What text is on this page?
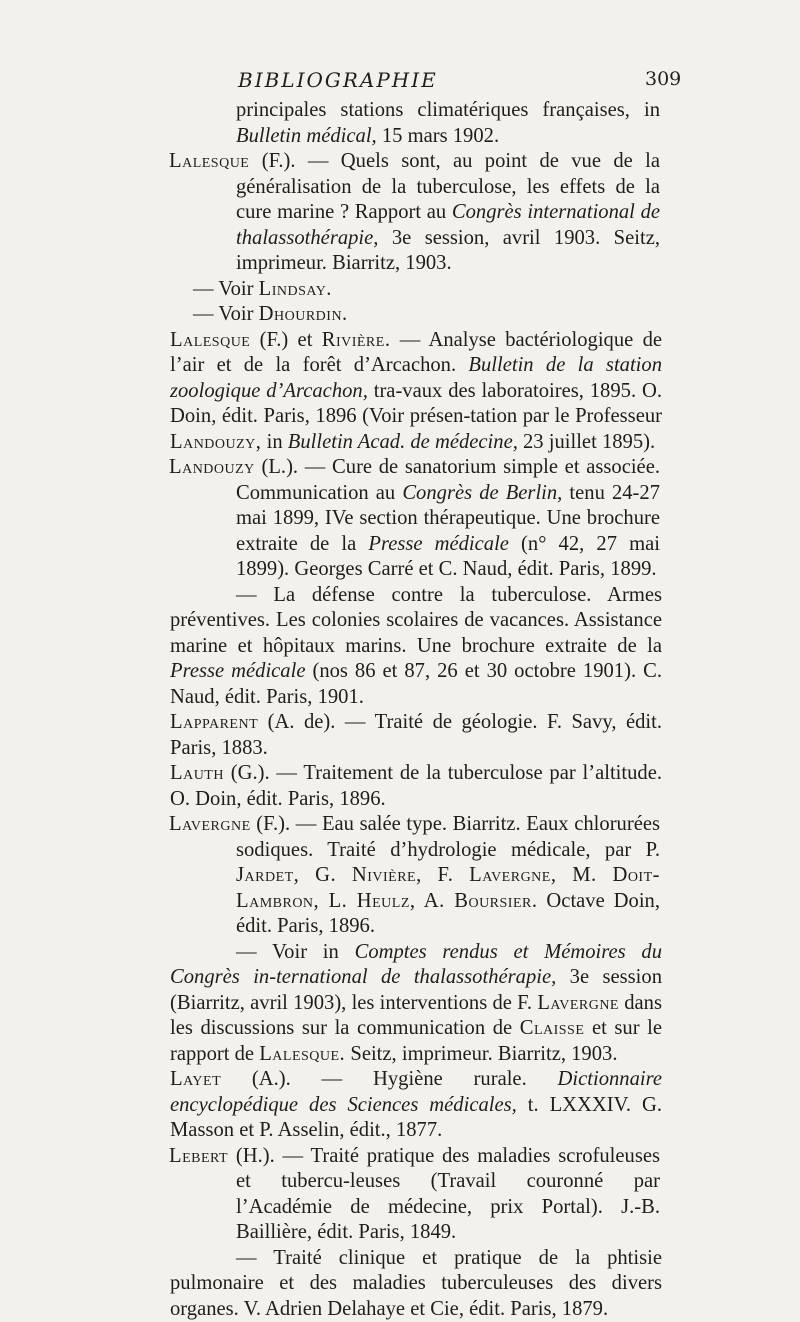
BIBLIOGRAPHIE	309

principales stations climatériques françaises, in Bulletin médical, 15 mars 1902.

Lalesque (F.). — Quels sont, au point de vue de la généralisation de la tuberculose, les effets de la cure marine ? Rapport au Congrès international de thalassothérapie, 3e session, avril 1903. Seitz, imprimeur. Biarritz, 1903.

— Voir Lindsay.

— Voir Dhourdin.

Lalesque (F.) et Rivière. — Analyse bactériologique de l’air et de la forêt d’Arcachon. Bulletin de la station zoologique d’Arcachon, tra-vaux des laboratoires, 1895. O. Doin, édit. Paris, 1896 (Voir présen-tation par le Professeur Landouzy, in Bulletin Acad. de médecine, 23 juillet 1895).

Landouzy (L.). — Cure de sanatorium simple et associée. Communication au Congrès de Berlin, tenu 24-27 mai 1899, IVe section thérapeutique. Une brochure extraite de la Presse médicale (n° 42, 27 mai 1899). Georges Carré et C. Naud, édit. Paris, 1899.

— La défense contre la tuberculose. Armes préventives. Les colonies scolaires de vacances. Assistance marine et hôpitaux marins. Une brochure extraite de la Presse médicale (nos 86 et 87, 26 et 30 octobre 1901). C. Naud, édit. Paris, 1901.

Lapparent (A. de). — Traité de géologie. F. Savy, édit. Paris, 1883.

Lauth (G.). — Traitement de la tuberculose par l’altitude. O. Doin, édit. Paris, 1896.

Lavergne (F.). — Eau salée type. Biarritz. Eaux chlorurées sodiques. Traité d’hydrologie médicale, par P. Jardet, G. Nivière, F. Lavergne, M. Doit-Lambron, L. Heulz, A. Boursier. Octave Doin, édit. Paris, 1896.

— Voir in Comptes rendus et Mémoires du Congrès in-ternational de thalassothérapie, 3e session (Biarritz, avril 1903), les interventions de F. Lavergne dans les discussions sur la communication de Claisse et sur le rapport de Lalesque. Seitz, imprimeur. Biarritz, 1903.

Layet (A.). — Hygiène rurale. Dictionnaire encyclopédique des Sciences médicales, t. LXXXIV. G. Masson et P. Asselin, édit., 1877.

Lebert (H.). — Traité pratique des maladies scrofuleuses et tubercu-leuses (Travail couronné par l’Académie de médecine, prix Portal). J.-B. Baillière, édit. Paris, 1849.

— Traité clinique et pratique de la phtisie pulmonaire et des maladies tuberculeuses des divers organes. V. Adrien Delahaye et Cie, édit. Paris, 1879.
